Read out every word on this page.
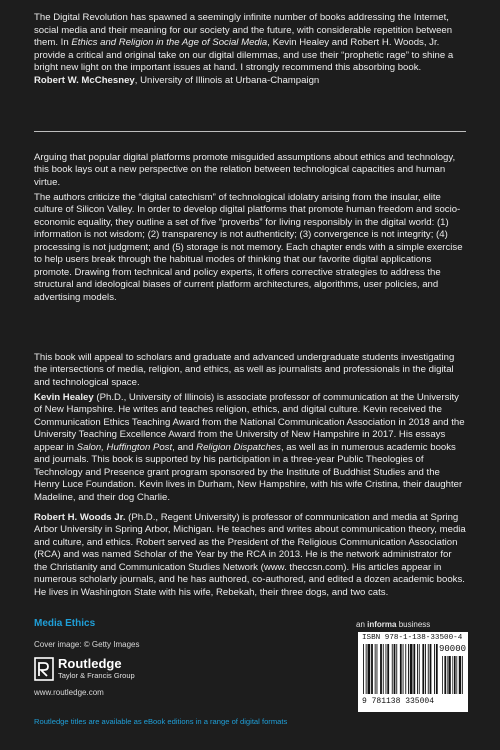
The Digital Revolution has spawned a seemingly infinite number of books addressing the Internet, social media and their meaning for our society and the future, with considerable repetition between them. In Ethics and Religion in the Age of Social Media, Kevin Healey and Robert H. Woods, Jr. provide a critical and original take on our digital dilemmas, and use their “prophetic rage” to shine a bright new light on the important issues at hand. I strongly recommend this absorbing book.

Robert W. McChesney, University of Illinois at Urbana-Champaign

Arguing that popular digital platforms promote misguided assumptions about ethics and technology, this book lays out a new perspective on the relation between technological capacities and human virtue.

The authors criticize the “digital catechism” of technological idolatry arising from the insular, elite culture of Silicon Valley. In order to develop digital platforms that promote human freedom and socio-economic equality, they outline a set of five “proverbs” for living responsibly in the digital world: (1) information is not wisdom; (2) transparency is not authenticity; (3) convergence is not integrity; (4) processing is not judgment; and (5) storage is not memory. Each chapter ends with a simple exercise to help users break through the habitual modes of thinking that our favorite digital applications promote. Drawing from technical and policy experts, it offers corrective strategies to address the structural and ideological biases of current platform architectures, algorithms, user policies, and advertising models.

This book will appeal to scholars and graduate and advanced undergraduate students investigating the intersections of media, religion, and ethics, as well as journalists and professionals in the digital and technological space.

Kevin Healey (Ph.D., University of Illinois) is associate professor of communication at the University of New Hampshire. He writes and teaches religion, ethics, and digital culture. Kevin received the Communication Ethics Teaching Award from the National Communication Association in 2018 and the University Teaching Excellence Award from the University of New Hampshire in 2017. His essays appear in Salon, Huffington Post, and Religion Dispatches, as well as in numerous academic books and journals. This book is supported by his participation in a three-year Public Theologies of Technology and Presence grant program sponsored by the Institute of Buddhist Studies and the Henry Luce Foundation. Kevin lives in Durham, New Hampshire, with his wife Cristina, their daughter Madeline, and their dog Charlie.

Robert H. Woods Jr. (Ph.D., Regent University) is professor of communication and media at Spring Arbor University in Spring Arbor, Michigan. He teaches and writes about communication theory, media and culture, and ethics. Robert served as the President of the Religious Communication Association (RCA) and was named Scholar of the Year by the RCA in 2013. He is the network administrator for the Christianity and Communication Studies Network (www. theccsn.com). His articles appear in numerous scholarly journals, and he has authored, co-authored, and edited a dozen academic books. He lives in Washington State with his wife, Rebekah, their three dogs, and two cats.

Media Ethics
Cover image: © Getty Images
Routledge
Taylor & Francis Group
www.routledge.com
an informa business
ISBN 978-1-138-33500-4
90000
9 781138 335004
Routledge titles are available as eBook editions in a range of digital formats
